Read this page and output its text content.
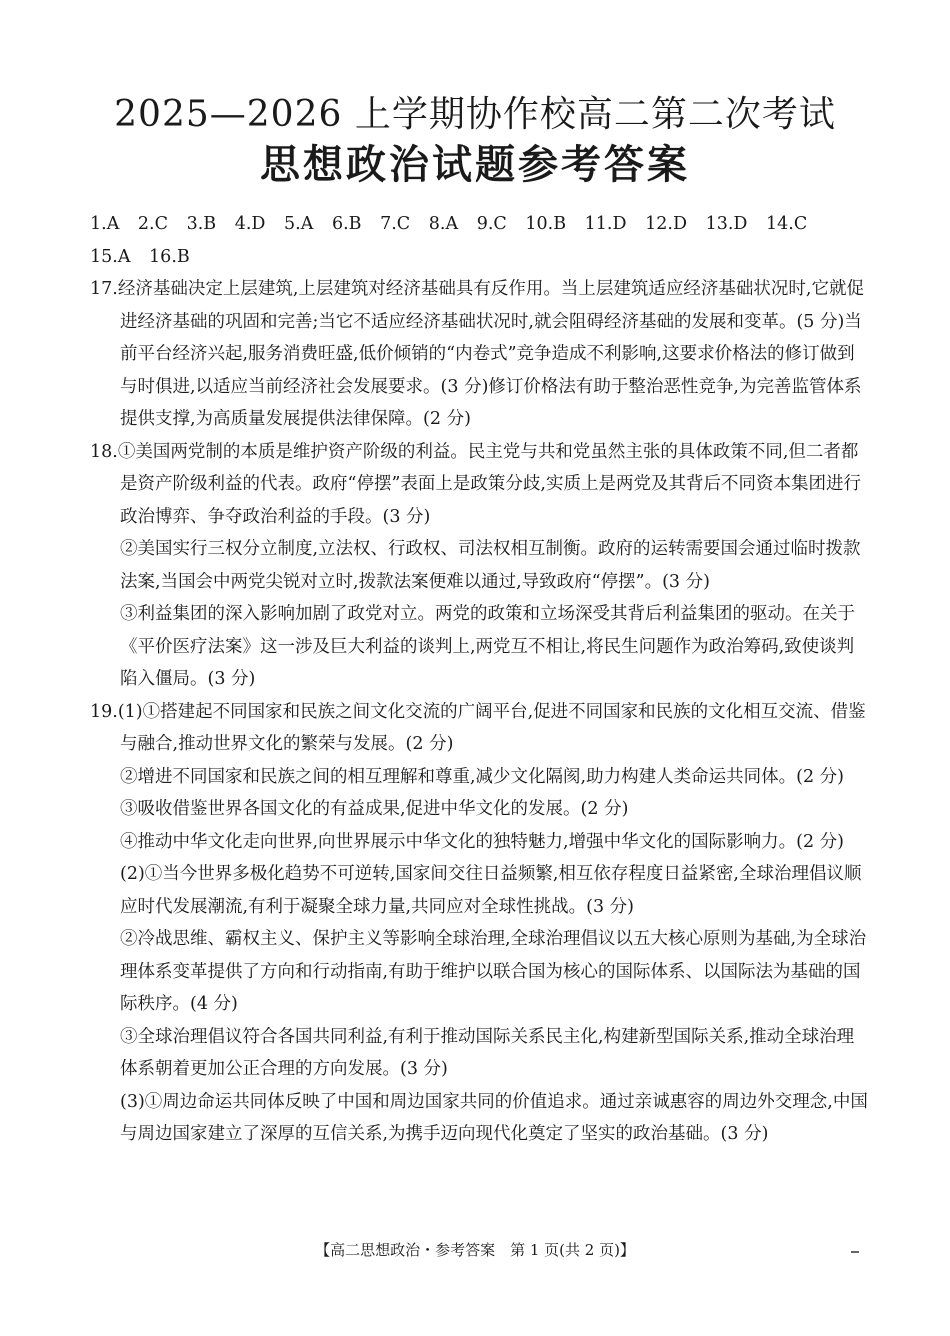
2025—2026 上学期协作校高二第二次考试
思想政治试题参考答案
1.A 2.C 3.B 4.D 5.A 6.B 7.C 8.A 9.C 10.B 11.D 12.D 13.D 14.C
15.A 16.B
17.经济基础决定上层建筑,上层建筑对经济基础具有反作用。当上层建筑适应经济基础状况时,它就促进经济基础的巩固和完善;当它不适应经济基础状况时,就会阻碍经济基础的发展和变革。(5 分)当前平台经济兴起,服务消费旺盛,低价倾销的“内卷式”竞争造成不利影响,这要求价格法的修订做到与时俱进,以适应当前经济社会发展要求。(3 分)修订价格法有助于整治恶性竞争,为完善监管体系提供支撑,为高质量发展提供法律保障。(2 分)
18.①美国两党制的本质是维护资产阶级的利益。民主党与共和党虽然主张的具体政策不同,但二者都是资产阶级利益的代表。政府“停摆”表面上是政策分歧,实质上是两党及其背后不同资本集团进行政治博弈、争夺政治利益的手段。(3 分)
②美国实行三权分立制度,立法权、行政权、司法权相互制衡。政府的运转需要国会通过临时拨款法案,当国会中两党尖锐对立时,拨款法案便难以通过,导致政府“停摆”。(3 分)
③利益集团的深入影响加剧了政党对立。两党的政策和立场深受其背后利益集团的驱动。在关于《平价医疗法案》这一涉及巨大利益的谈判上,两党互不相让,将民生问题作为政治筹码,致使谈判陷入僵局。(3 分)
19.(1)①搭建起不同国家和民族之间文化交流的广阔平台,促进不同国家和民族的文化相互交流、借鉴与融合,推动世界文化的繁荣与发展。(2 分)
②增进不同国家和民族之间的相互理解和尊重,减少文化隔阂,助力构建人类命运共同体。(2 分)
③吸收借鉴世界各国文化的有益成果,促进中华文化的发展。(2 分)
④推动中华文化走向世界,向世界展示中华文化的独特魅力,增强中华文化的国际影响力。(2 分)
(2)①当今世界多极化趋势不可逆转,国家间交往日益频繁,相互依存程度日益紧密,全球治理倡议顺应时代发展潮流,有利于凝聚全球力量,共同应对全球性挑战。(3 分)
②冷战思维、霸权主义、保护主义等影响全球治理,全球治理倡议以五大核心原则为基础,为全球治理体系变革提供了方向和行动指南,有助于维护以联合国为核心的国际体系、以国际法为基础的国际秩序。(4 分)
③全球治理倡议符合各国共同利益,有利于推动国际关系民主化,构建新型国际关系,推动全球治理体系朝着更加公正合理的方向发展。(3 分)
(3)①周边命运共同体反映了中国和周边国家共同的价值追求。通过亲诚惠容的周边外交理念,中国与周边国家建立了深厚的互信关系,为携手迈向现代化奠定了坚实的政治基础。(3 分)
【高二思想政治・参考答案　第 1 页(共 2 页)】
